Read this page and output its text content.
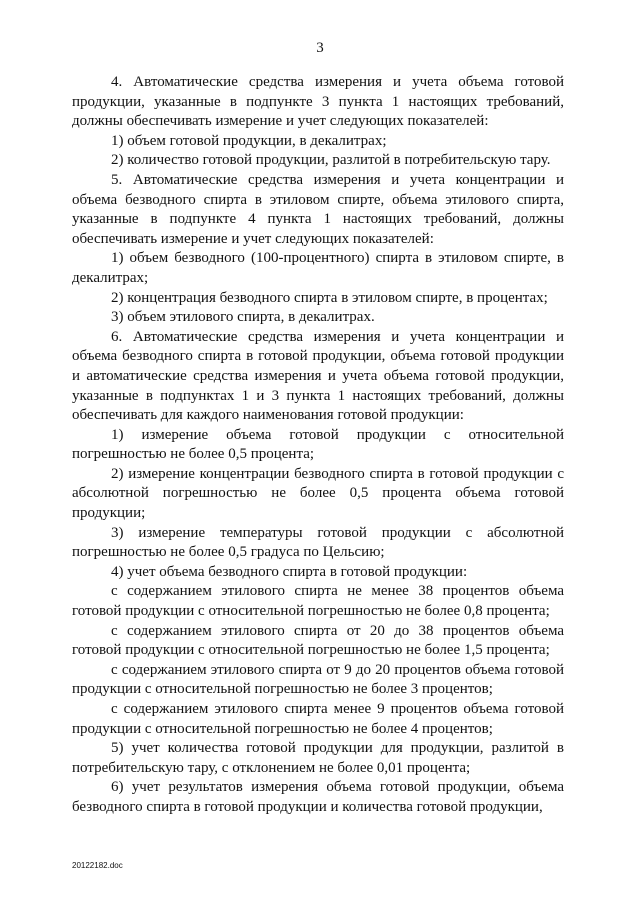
3

4. Автоматические средства измерения и учета объема готовой продукции, указанные в подпункте 3 пункта 1 настоящих требований, должны обеспечивать измерение и учет следующих показателей:

1) объем готовой продукции, в декалитрах;

2) количество готовой продукции, разлитой в потребительскую тару.

5. Автоматические средства измерения и учета концентрации и объема безводного спирта в этиловом спирте, объема этилового спирта, указанные в подпункте 4 пункта 1 настоящих требований, должны обеспечивать измерение и учет следующих показателей:

1) объем безводного (100-процентного) спирта в этиловом спирте, в декалитрах;

2) концентрация безводного спирта в этиловом спирте, в процентах;

3) объем этилового спирта, в декалитрах.

6. Автоматические средства измерения и учета концентрации и объема безводного спирта в готовой продукции, объема готовой продукции и автоматические средства измерения и учета объема готовой продукции, указанные в подпунктах 1 и 3 пункта 1 настоящих требований, должны обеспечивать для каждого наименования готовой продукции:

1) измерение объема готовой продукции с относительной погрешностью не более 0,5 процента;

2) измерение концентрации безводного спирта в готовой продукции с абсолютной погрешностью не более 0,5 процента объема готовой продукции;

3) измерение температуры готовой продукции с абсолютной погрешностью не более 0,5 градуса по Цельсию;

4) учет объема безводного спирта в готовой продукции:

с содержанием этилового спирта не менее 38 процентов объема готовой продукции с относительной погрешностью не более 0,8 процента;

с содержанием этилового спирта от 20 до 38 процентов объема готовой продукции с относительной погрешностью не более 1,5 процента;

с содержанием этилового спирта от 9 до 20 процентов объема готовой продукции с относительной погрешностью не более 3 процентов;

с содержанием этилового спирта менее 9 процентов объема готовой продукции с относительной погрешностью не более 4 процентов;

5) учет количества готовой продукции для продукции, разлитой в потребительскую тару, с отклонением не более 0,01 процента;

6) учет результатов измерения объема готовой продукции, объема безводного спирта в готовой продукции и количества готовой продукции,

20122182.doc
